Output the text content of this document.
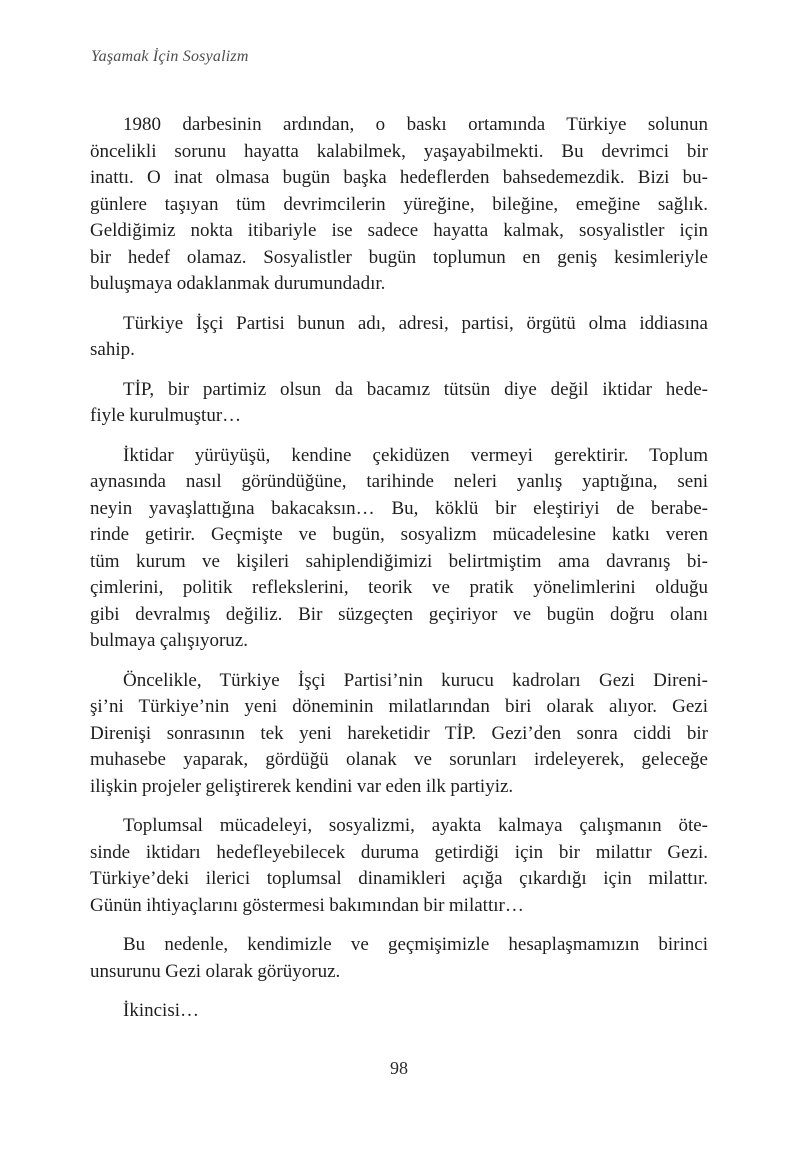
Yaşamak İçin Sosyalizm
1980 darbesinin ardından, o baskı ortamında Türkiye solunun
öncelikli sorunu hayatta kalabilmek, yaşayabilmekti. Bu devrimci bir
inattı. O inat olmasa bugün başka hedeflerden bahsedemezdik. Bizi bu-
günlere taşıyan tüm devrimcilerin yüreğine, bileğine, emeğine sağlık.
Geldiğimiz nokta itibariyle ise sadece hayatta kalmak, sosyalistler için
bir hedef olamaz. Sosyalistler bugün toplumun en geniş kesimleriyle
buluşmaya odaklanmak durumundadır.
Türkiye İşçi Partisi bunun adı, adresi, partisi, örgütü olma iddiasına
sahip.
TİP, bir partimiz olsun da bacamız tütsün diye değil iktidar hede-
fiyle kurulmuştur…
İktidar yürüyüşü, kendine çekidüzen vermeyi gerektirir. Toplum
aynasında nasıl göründüğüne, tarihinde neleri yanlış yaptığına, seni
neyin yavaşlattığına bakacaksın… Bu, köklü bir eleştiriyi de berabe-
rinde getirir. Geçmişte ve bugün, sosyalizm mücadelesine katkı veren
tüm kurum ve kişileri sahiplendiğimizi belirtmiştim ama davranış bi-
çimlerini, politik reflekslerini, teorik ve pratik yönelimlerini olduğu
gibi devralmış değiliz. Bir süzgeçten geçiriyor ve bugün doğru olanı
bulmaya çalışıyoruz.
Öncelikle, Türkiye İşçi Partisi’nin kurucu kadroları Gezi Direni-
şi’ni Türkiye’nin yeni döneminin milatlarından biri olarak alıyor. Gezi
Direnişi sonrasının tek yeni hareketidir TİP. Gezi’den sonra ciddi bir
muhasebe yaparak, gördüğü olanak ve sorunları irdeleyerek, geleceğe
ilişkin projeler geliştirerek kendini var eden ilk partiyiz.
Toplumsal mücadeleyi, sosyalizmi, ayakta kalmaya çalışmanın öte-
sinde iktidarı hedefleyebilecek duruma getirdiği için bir milattır Gezi.
Türkiye’deki ilerici toplumsal dinamikleri açığa çıkardığı için milattır.
Günün ihtiyaçlarını göstermesi bakımından bir milattır…
Bu nedenle, kendimizle ve geçmişimizle hesaplaşmamızın birinci
unsurunu Gezi olarak görüyoruz.
İkincisi…
98
